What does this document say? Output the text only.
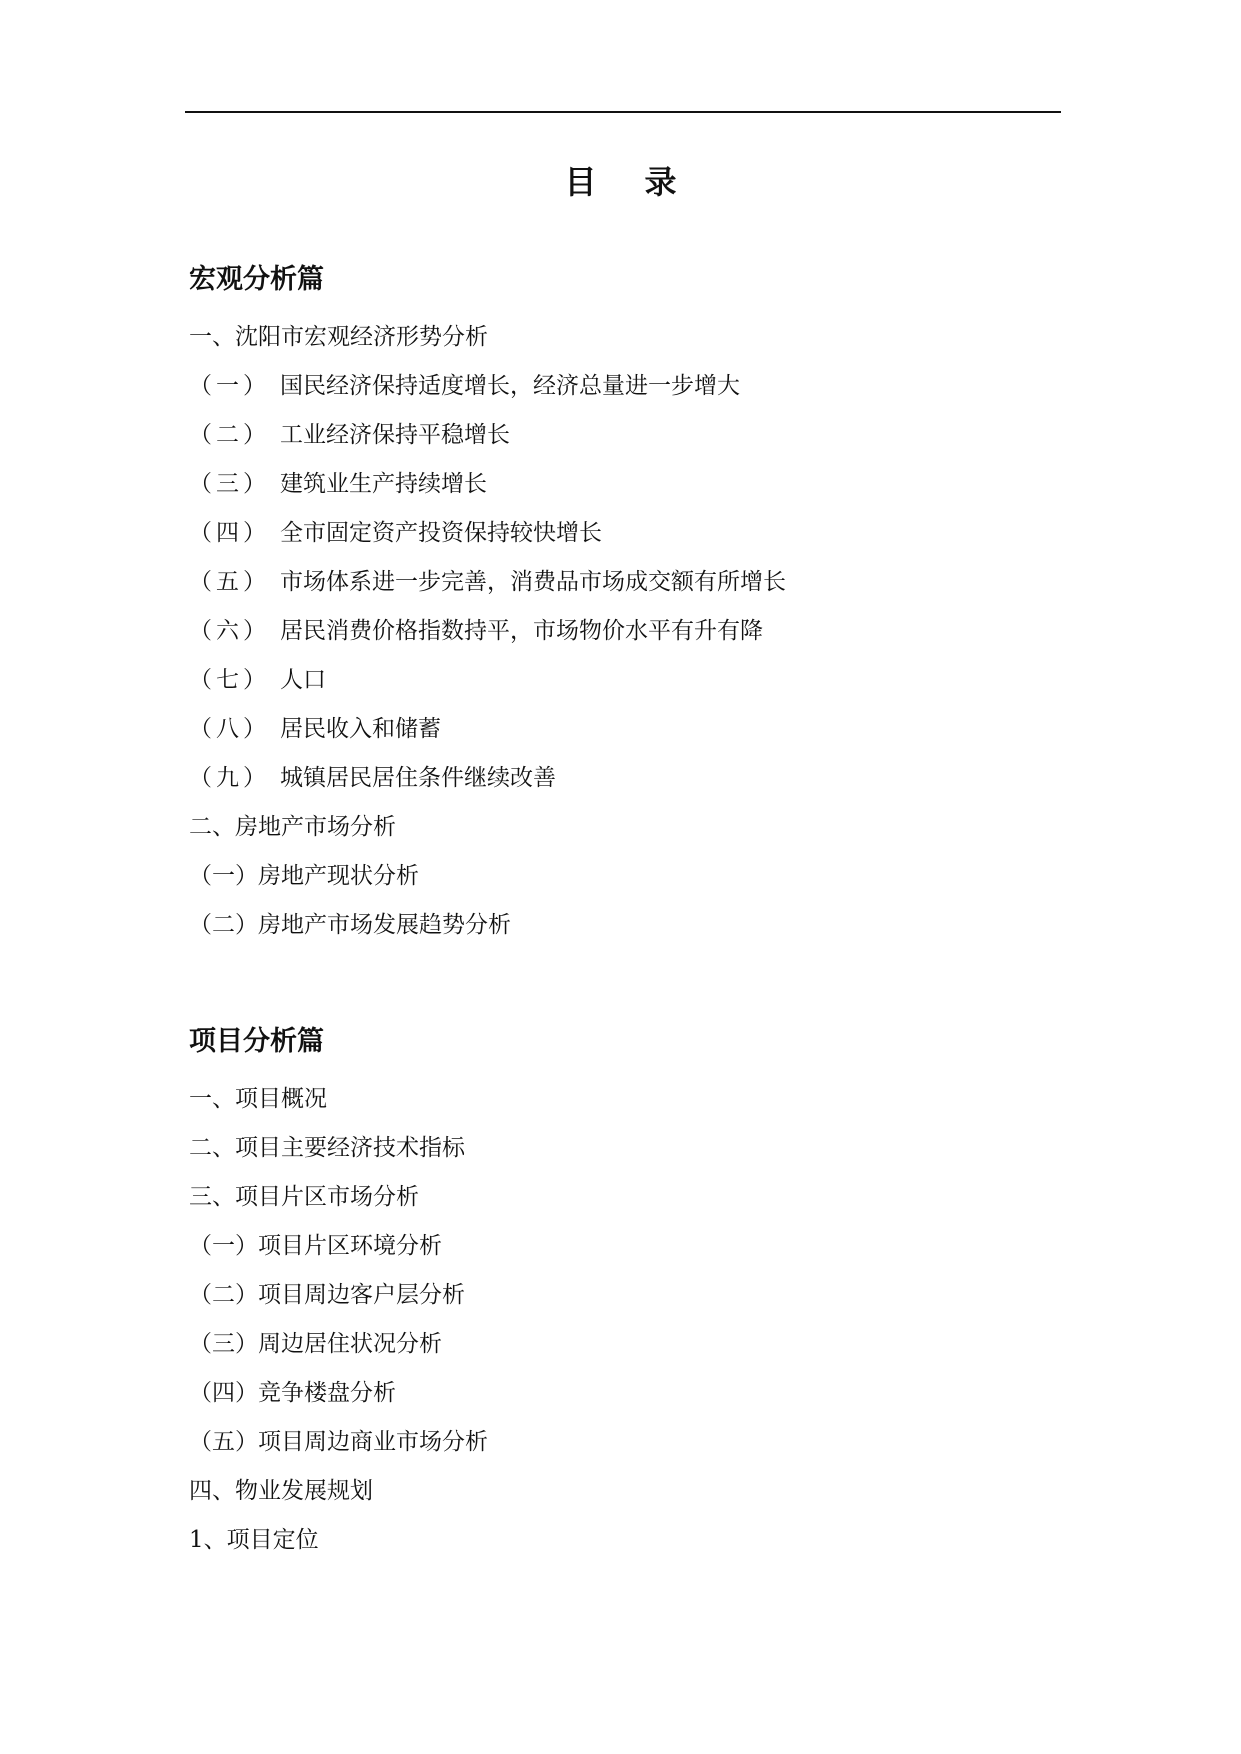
目 录
宏观分析篇
一、沈阳市宏观经济形势分析
（一） 国民经济保持适度增长，经济总量进一步增大
（二） 工业经济保持平稳增长
（三） 建筑业生产持续增长
（四） 全市固定资产投资保持较快增长
（五） 市场体系进一步完善，消费品市场成交额有所增长
（六） 居民消费价格指数持平，市场物价水平有升有降
（七） 人口
（八） 居民收入和储蓄
（九） 城镇居民居住条件继续改善
二、房地产市场分析
（一）房地产现状分析
（二）房地产市场发展趋势分析
项目分析篇
一、项目概况
二、项目主要经济技术指标
三、项目片区市场分析
（一）项目片区环境分析
（二）项目周边客户层分析
（三）周边居住状况分析
（四）竞争楼盘分析
（五）项目周边商业市场分析
四、物业发展规划
1、项目定位
